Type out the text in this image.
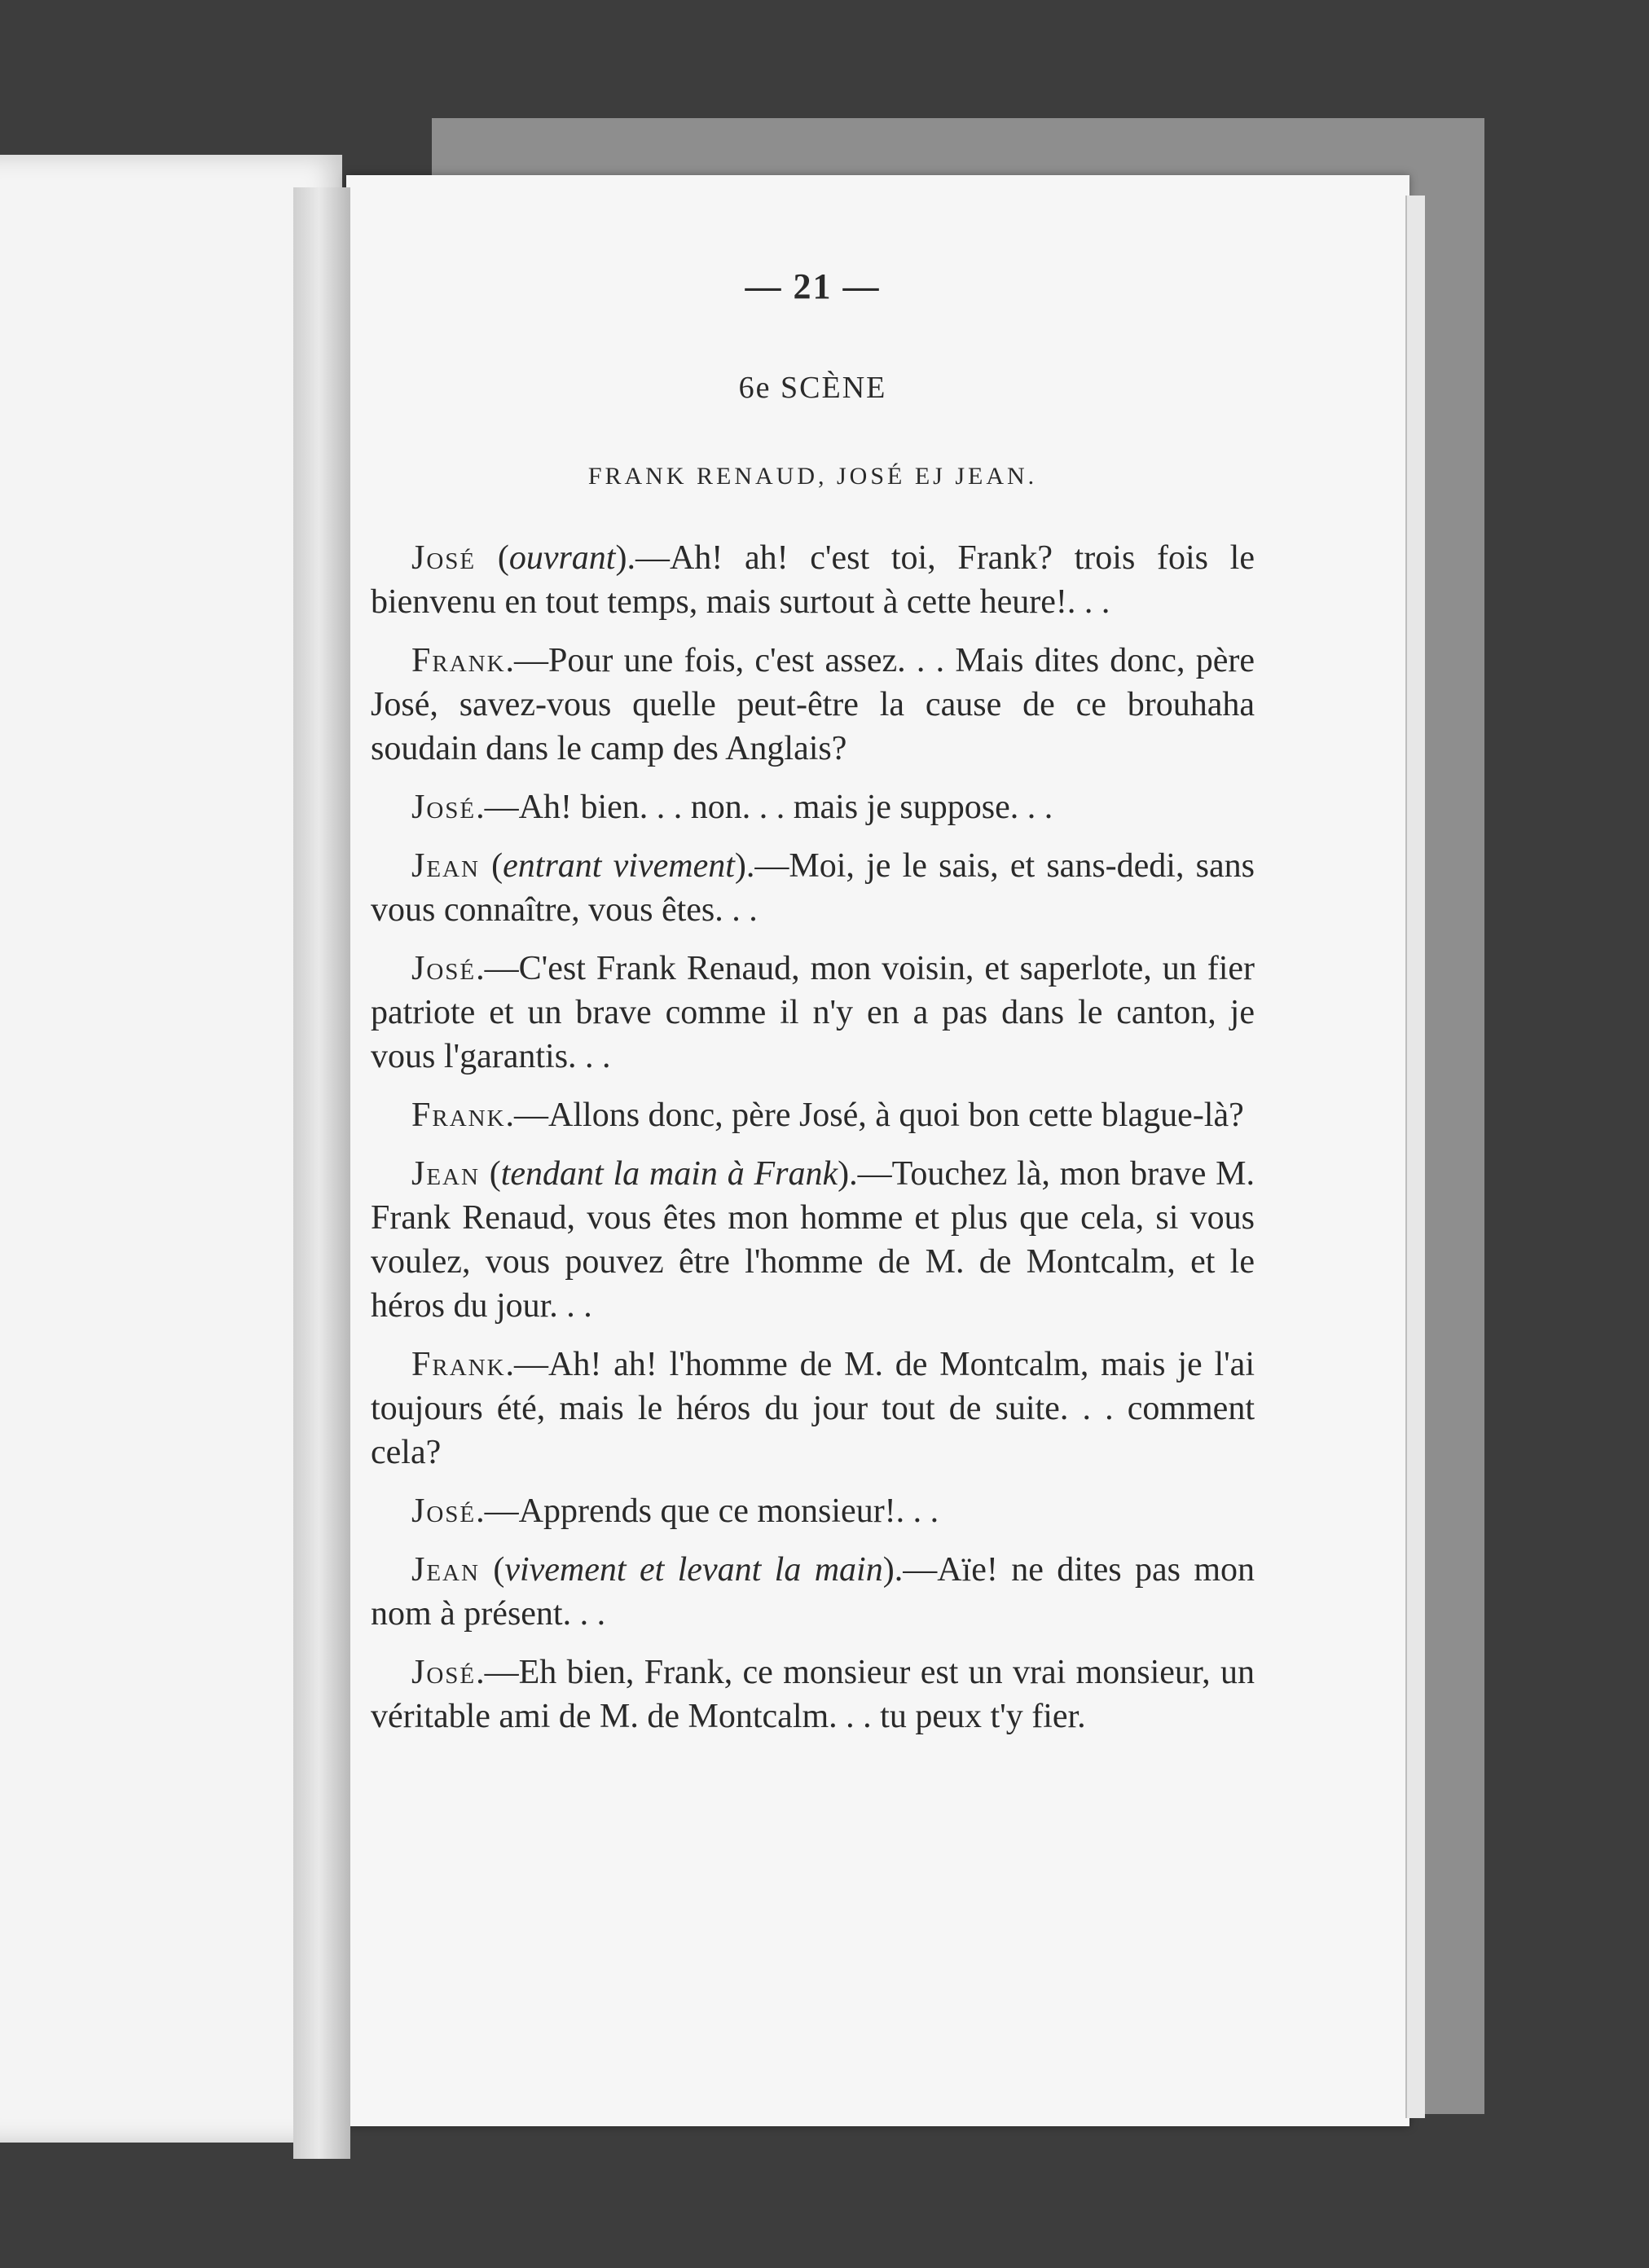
— 21 —
6e SCÈNE
FRANK RENAUD, JOSÉ EJ JEAN.

José (ouvrant).—Ah! ah! c'est toi, Frank? trois fois le bienvenu en tout temps, mais surtout à cette heure!. . .

Frank.—Pour une fois, c'est assez. . . Mais dites donc, père José, savez-vous quelle peut-être la cause de ce brouhaha soudain dans le camp des Anglais?

José.—Ah! bien. . . non. . . mais je suppose. . .

Jean (entrant vivement).—Moi, je le sais, et sans-dedi, sans vous connaître, vous êtes. . .

José.—C'est Frank Renaud, mon voisin, et saperlote, un fier patriote et un brave comme il n'y en a pas dans le canton, je vous l'garantis. . .

Frank.—Allons donc, père José, à quoi bon cette blague-là?

Jean (tendant la main à Frank).—Touchez là, mon brave M. Frank Renaud, vous êtes mon homme et plus que cela, si vous voulez, vous pouvez être l'homme de M. de Montcalm, et le héros du jour. . .

Frank.—Ah! ah! l'homme de M. de Montcalm, mais je l'ai toujours été, mais le héros du jour tout de suite. . . comment cela?

José.—Apprends que ce monsieur!. . .

Jean (vivement et levant la main).—Aïe! ne dites pas mon nom à présent. . .

José.—Eh bien, Frank, ce monsieur est un vrai monsieur, un véritable ami de M. de Montcalm. . . tu peux t'y fier.
